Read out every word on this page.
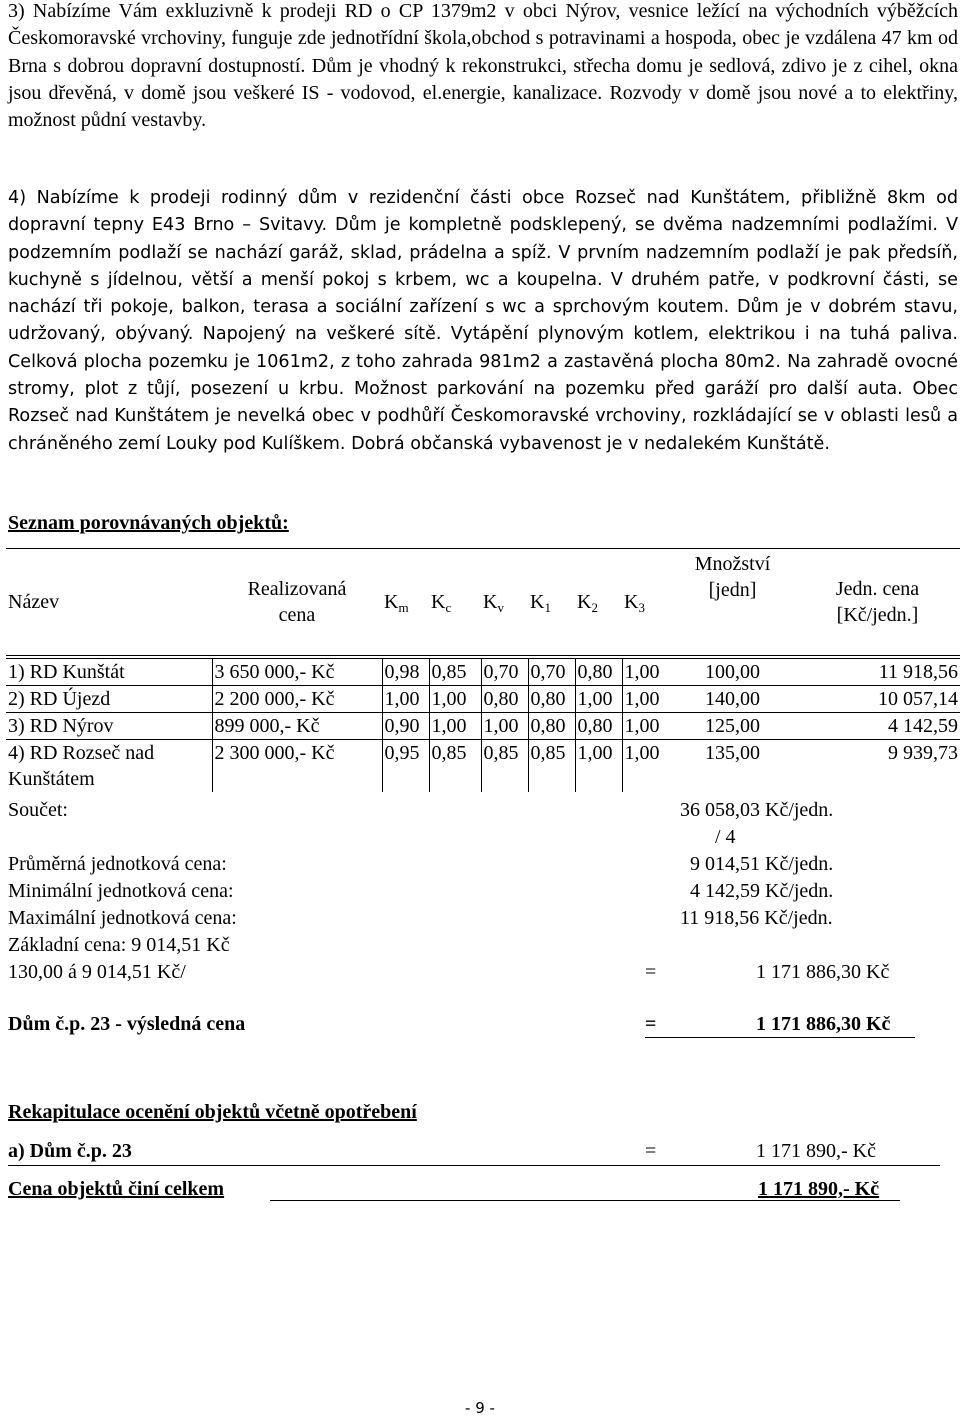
3) Nabízíme Vám exkluzivně k prodeji RD o CP 1379m2 v obci Nýrov, vesnice ležící na východních výběžcích Českomoravské vrchoviny, funguje zde jednotřídní škola,obchod s potravinami a hospoda, obec je vzdálena 47 km od Brna s dobrou dopravní dostupností. Dům je vhodný k rekonstrukci, střecha domu je sedlová, zdivo je z cihel, okna jsou dřevěná, v domě jsou veškeré IS - vodovod, el.energie, kanalizace. Rozvody v domě jsou nové a to elektřiny, možnost půdní vestavby.

4) Nabízíme k prodeji rodinný dům v rezidenční části obce Rozseč nad Kunštátem, přibližně 8km od dopravní tepny E43 Brno – Svitavy. Dům je kompletně podsklepený, se dvěma nadzemními podlažími. V podzemním podlaží se nachází garáž, sklad, prádelna a spíž. V prvním nadzemním podlaží je pak předsíň, kuchyně s jídelnou, větší a menší pokoj s krbem, wc a koupelna. V druhém patře, v podkrovní části, se nachází tři pokoje, balkon, terasa a sociální zařízení s wc a sprchovým koutem. Dům je v dobrém stavu, udržovaný, obývaný. Napojený na veškeré sítě. Vytápění plynovým kotlem, elektrikou i na tuhá paliva. Celková plocha pozemku je 1061m2, z toho zahrada 981m2 a zastavěná plocha 80m2. Na zahradě ovocné stromy, plot z tůjí, posezení u krbu. Možnost parkování na pozemku před garáží pro další auta. Obec Rozseč nad Kunštátem je nevelká obec v podhůří Českomoravské vrchoviny, rozkládající se v oblasti lesů a chráněného zemí Louky pod Kulíškem. Dobrá občanská vybavenost je v nedalekém Kunštátě.

Seznam porovnávaných objektů:
Název	Realizovaná
cena	$K_m$	$K_c$	$K_v$	$K_1$	$K_2$	$K_3$	Množství
[jedn]	Jedn. cena
[Kč/jedn.]

1) RD Kunštát	3 650 000,- Kč	0,98	0,85	0,70	0,70	0,80	1,00	100,00	11 918,56
2) RD Újezd	2 200 000,- Kč	1,00	1,00	0,80	0,80	1,00	1,00	140,00	10 057,14
3) RD Nýrov	899 000,- Kč	0,90	1,00	1,00	0,80	0,80	1,00	125,00	4 142,59
4) RD Rozseč nad Kunštátem	2 300 000,- Kč	0,95	0,85	0,85	0,85	1,00	1,00	135,00	9 939,73
Součet:	36 058,03 Kč/jedn.
/ 4
Průměrná jednotková cena:	9 014,51 Kč/jedn.
Minimální jednotková cena:	4 142,59 Kč/jedn.
Maximální jednotková cena:	11 918,56 Kč/jedn.
Základní cena: 9 014,51 Kč
130,00 á 9 014,51 Kč/	=	1 171 886,30 Kč
Dům č.p. 23 - výsledná cena	=	1 171 886,30 Kč
Rekapitulace ocenění objektů včetně opotřebení
a) Dům č.p. 23	=	1 171 890,- Kč
Cena objektů činí celkem	1 171 890,- Kč
- 9 -
